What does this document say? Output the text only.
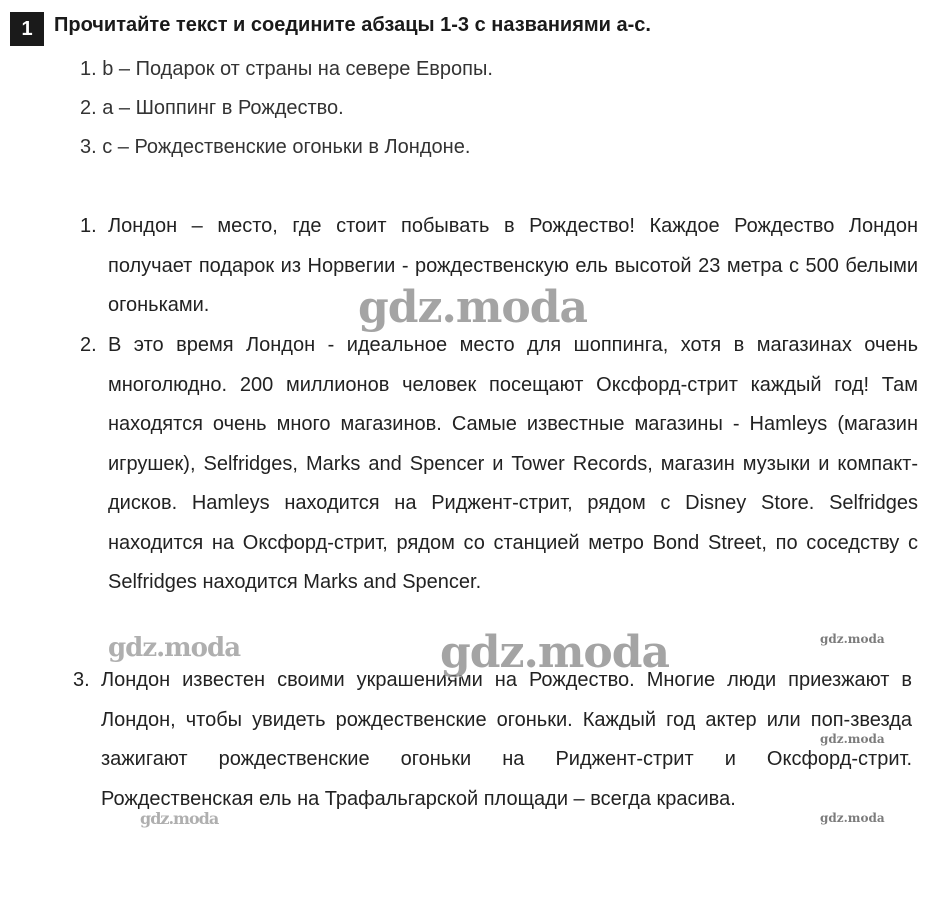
1	Прочитайте текст и соедините абзацы 1-3 с названиями а-с.
1. b – Подарок от страны на севере Европы.
2. a – Шоппинг в Рождество.
3. c – Рождественские огоньки в Лондоне.
1. Лондон – место, где стоит побывать в Рождество! Каждое Рождество Лондон получает подарок из Норвегии - рождественскую ель высотой 23 метра с 500 белыми огоньками.
2. В это время Лондон - идеальное место для шоппинга, хотя в магазинах очень многолюдно. 200 миллионов человек посещают Оксфорд-стрит каждый год! Там находятся очень много магазинов. Самые известные магазины - Hamleys (магазин игрушек), Selfridges, Marks and Spencer и Tower Records, магазин музыки и компакт-дисков. Hamleys находится на Риджент-стрит, рядом с Disney Store. Selfridges находится на Оксфорд-стрит, рядом со станцией метро Bond Street, по соседству с Selfridges находится Marks and Spencer.
3. Лондон известен своими украшениями на Рождество. Многие люди приезжают в Лондон, чтобы увидеть рождественские огоньки. Каждый год актер или поп-звезда зажигают рождественские огоньки на Риджент-стрит и Оксфорд-стрит. Рождественская ель на Трафальгарской площади – всегда красива.
gdz.moda
gdz.moda
gdz.moda	gdz.moda
gdz.moda
gdz.moda
gdz.moda
